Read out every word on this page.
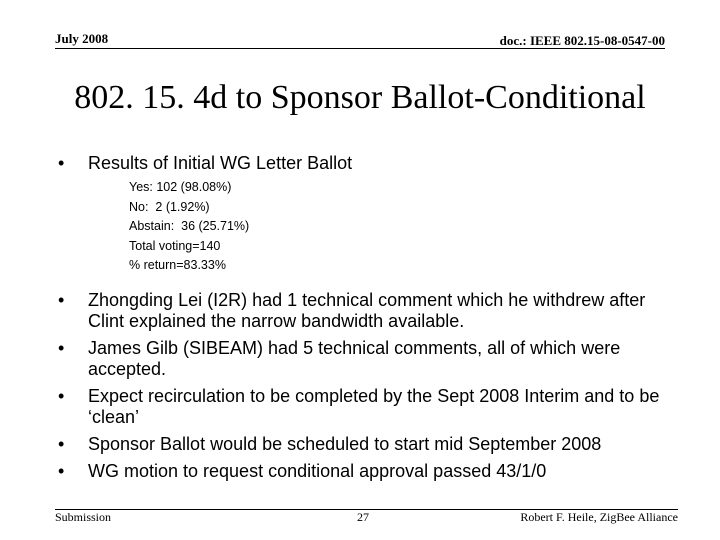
July 2008	doc.: IEEE 802.15-08-0547-00
802. 15. 4d to Sponsor Ballot-Conditional
•	Results of Initial WG Letter Ballot
Yes: 102 (98.08%)
No:  2 (1.92%)
Abstain:  36 (25.71%)
Total voting=140
% return=83.33%
• Zhongding Lei (I2R) had 1 technical comment which he withdrew after Clint explained the narrow bandwidth available.
• James Gilb (SIBEAM) had 5 technical comments, all of which were accepted.
• Expect recirculation to be completed by the Sept 2008 Interim and to be ‘clean’
• Sponsor Ballot would be scheduled to start mid September 2008
• WG motion to request conditional approval passed 43/1/0
Submission	27	Robert F. Heile, ZigBee Alliance
